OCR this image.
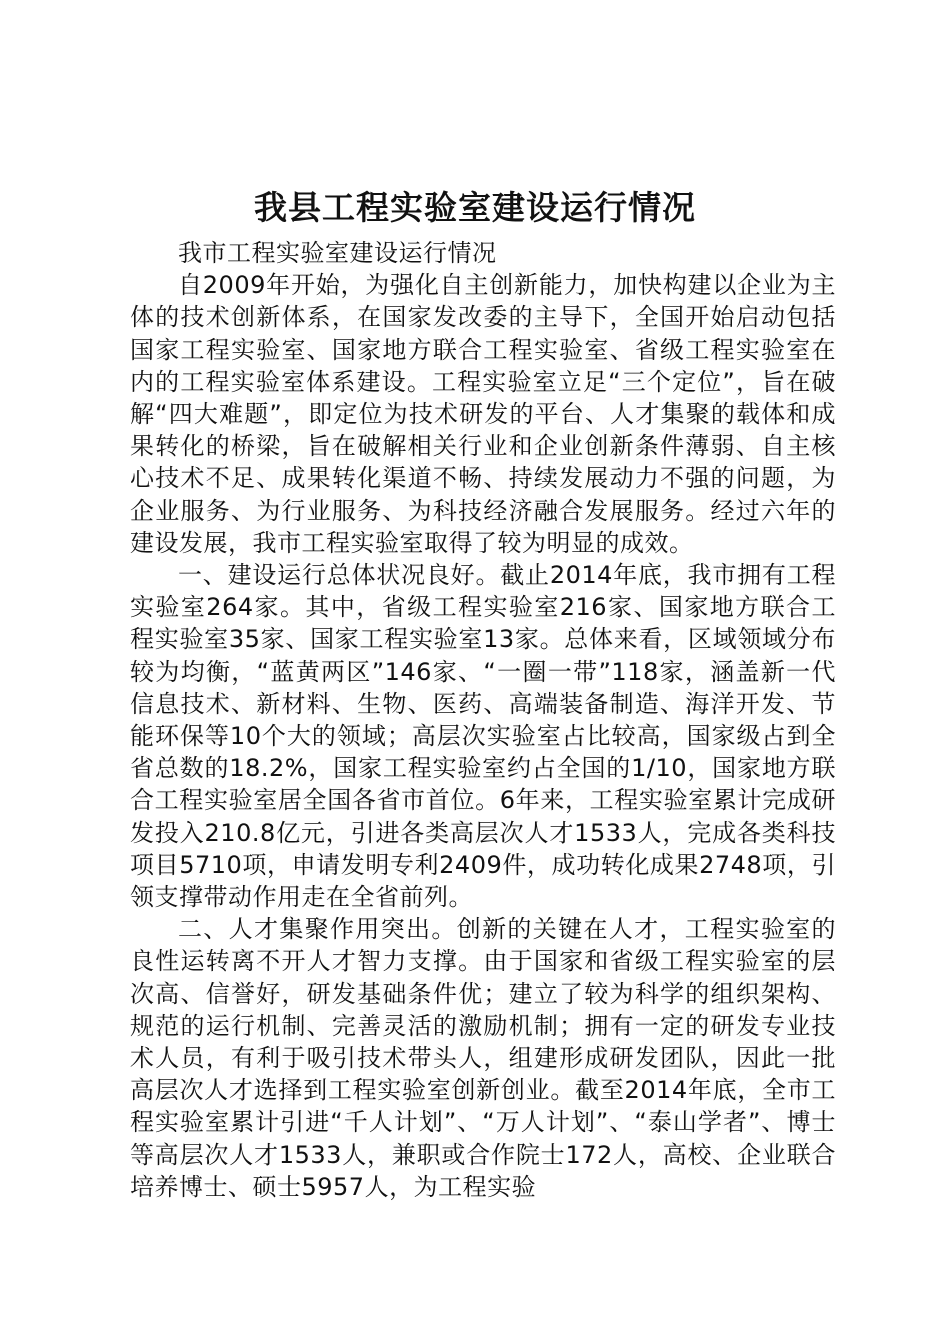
我县工程实验室建设运行情况

我市工程实验室建设运行情况

自2009年开始，为强化自主创新能力，加快构建以企业为主体的技术创新体系，在国家发改委的主导下，全国开始启动包括国家工程实验室、国家地方联合工程实验室、省级工程实验室在内的工程实验室体系建设。工程实验室立足“三个定位”，旨在破解“四大难题”，即定位为技术研发的平台、人才集聚的载体和成果转化的桥梁，旨在破解相关行业和企业创新条件薄弱、自主核心技术不足、成果转化渠道不畅、持续发展动力不强的问题，为企业服务、为行业服务、为科技经济融合发展服务。经过六年的建设发展，我市工程实验室取得了较为明显的成效。

一、建设运行总体状况良好。截止2014年底，我市拥有工程实验室264家。其中，省级工程实验室216家、国家地方联合工程实验室35家、国家工程实验室13家。总体来看，区域领域分布较为均衡，“蓝黄两区”146家、“一圈一带”118家，涵盖新一代信息技术、新材料、生物、医药、高端装备制造、海洋开发、节能环保等10个大的领域；高层次实验室占比较高，国家级占到全省总数的18.2%，国家工程实验室约占全国的1/10，国家地方联合工程实验室居全国各省市首位。6年来，工程实验室累计完成研发投入210.8亿元，引进各类高层次人才1533人，完成各类科技项目5710项，申请发明专利2409件，成功转化成果2748项，引领支撑带动作用走在全省前列。

二、人才集聚作用突出。创新的关键在人才，工程实验室的良性运转离不开人才智力支撑。由于国家和省级工程实验室的层次高、信誉好，研发基础条件优；建立了较为科学的组织架构、规范的运行机制、完善灵活的激励机制；拥有一定的研发专业技术人员，有利于吸引技术带头人，组建形成研发团队，因此一批高层次人才选择到工程实验室创新创业。截至2014年底，全市工程实验室累计引进“千人计划”、“万人计划”、“泰山学者”、博士等高层次人才1533人，兼职或合作院士172人，高校、企业联合培养博士、硕士5957人，为工程实验
